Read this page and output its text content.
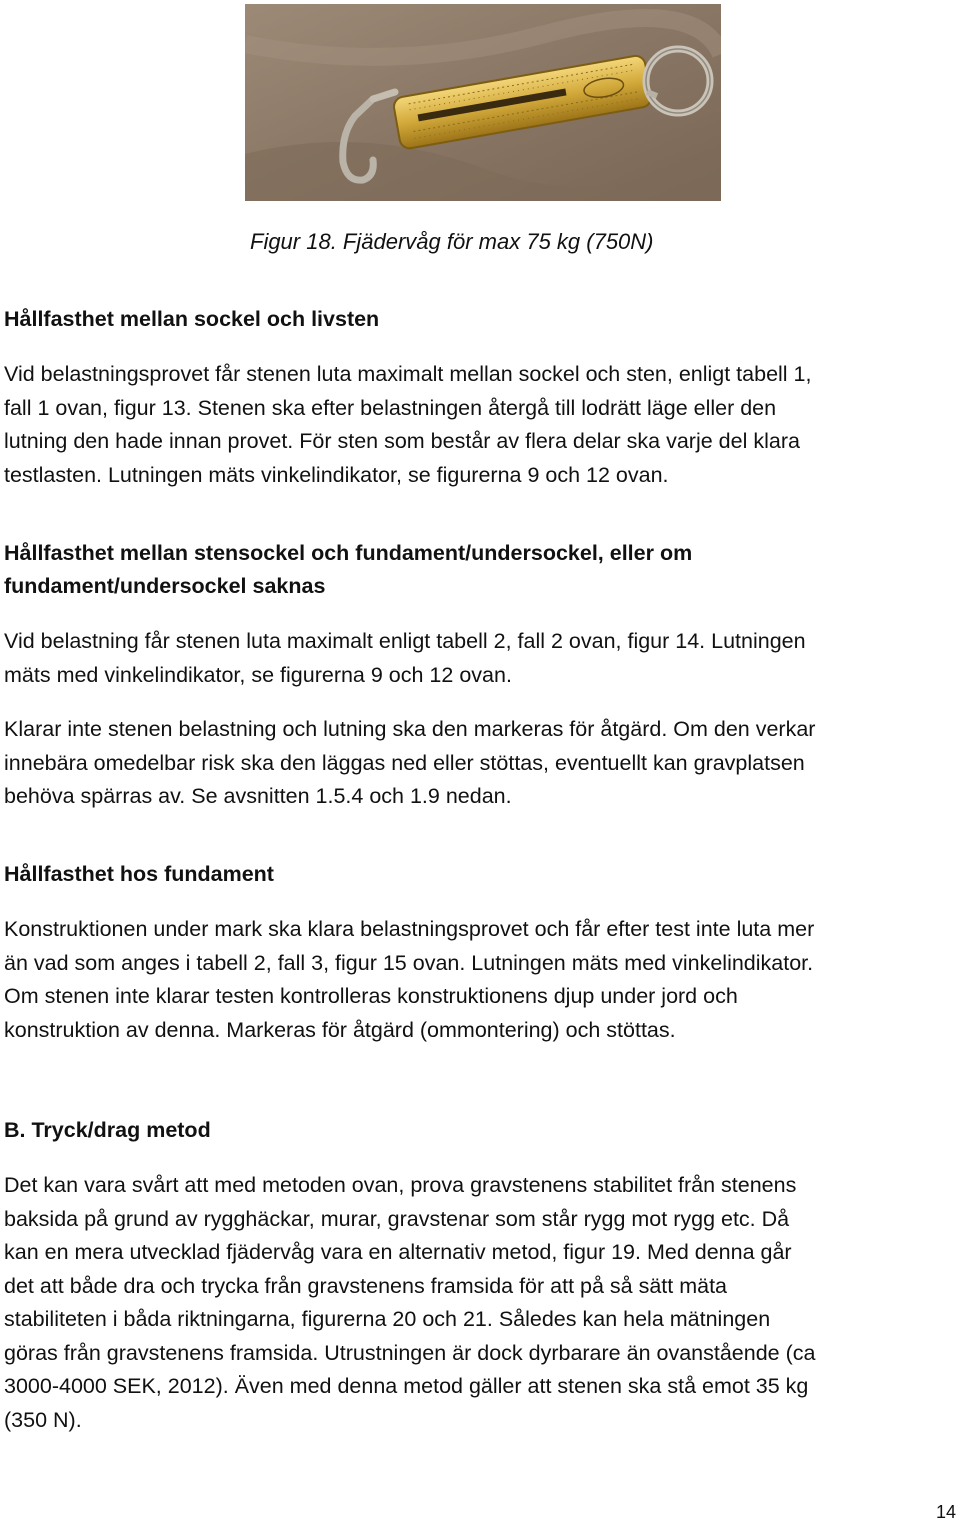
Figur 18. Fjädervåg för max 75 kg (750N)
Hållfasthet mellan sockel och livsten

Vid belastningsprovet får stenen luta maximalt mellan sockel och sten, enligt tabell 1,
fall 1 ovan, figur 13. Stenen ska efter belastningen återgå till lodrätt läge eller den
lutning den hade innan provet. För sten som består av flera delar ska varje del klara
testlasten. Lutningen mäts vinkelindikator, se figurerna 9 och 12 ovan.

Hållfasthet mellan stensockel och fundament/undersockel, eller om
fundament/undersockel saknas

Vid belastning får stenen luta maximalt enligt tabell 2, fall 2 ovan, figur 14. Lutningen
mäts med vinkelindikator, se figurerna 9 och 12 ovan.

Klarar inte stenen belastning och lutning ska den markeras för åtgärd. Om den verkar
innebära omedelbar risk ska den läggas ned eller stöttas, eventuellt kan gravplatsen
behöva spärras av. Se avsnitten 1.5.4 och 1.9 nedan.

Hållfasthet hos fundament

Konstruktionen under mark ska klara belastningsprovet och får efter test inte luta mer
än vad som anges i tabell 2, fall 3, figur 15 ovan. Lutningen mäts med vinkelindikator.
Om stenen inte klarar testen kontrolleras konstruktionens djup under jord och
konstruktion av denna. Markeras för åtgärd (ommontering) och stöttas.

B. Tryck/drag metod

Det kan vara svårt att med metoden ovan, prova gravstenens stabilitet från stenens
baksida på grund av rygghäckar, murar, gravstenar som står rygg mot rygg etc. Då
kan en mera utvecklad fjädervåg vara en alternativ metod, figur 19. Med denna går
det att både dra och trycka från gravstenens framsida för att på så sätt mäta
stabiliteten i båda riktningarna, figurerna 20 och 21. Således kan hela mätningen
göras från gravstenens framsida. Utrustningen är dock dyrbarare än ovanstående (ca
3000-4000 SEK, 2012). Även med denna metod gäller att stenen ska stå emot 35 kg
(350 N).

14
